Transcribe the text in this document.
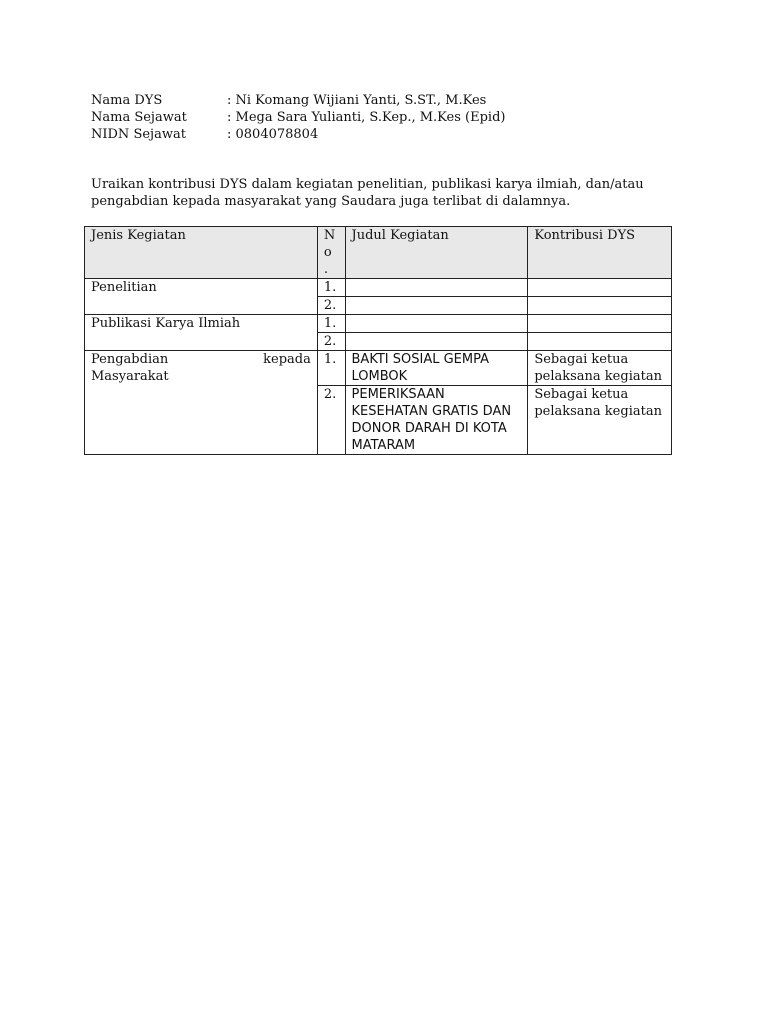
Nama DYS	: Ni Komang Wijiani Yanti, S.ST., M.Kes
Nama Sejawat	: Mega Sara Yulianti, S.Kep., M.Kes (Epid)
NIDN Sejawat	: 0804078804

Uraikan kontribusi DYS dalam kegiatan penelitian, publikasi karya ilmiah, dan/atau pengabdian kepada masyarakat yang Saudara juga terlibat di dalamnya.

Jenis Kegiatan	No .	Judul Kegiatan	Kontribusi DYS
Penelitian	1.		
	2.		
Publikasi Karya Ilmiah	1.		
	2.		

Pengabdian kepada
Masyarakat	1.	BAKTI SOSIAL GEMPA LOMBOK	Sebagai ketua pelaksana kegiatan
	2.	PEMERIKSAAN KESEHATAN GRATIS DAN DONOR DARAH DI KOTA MATARAM	Sebagai ketua pelaksana kegiatan
